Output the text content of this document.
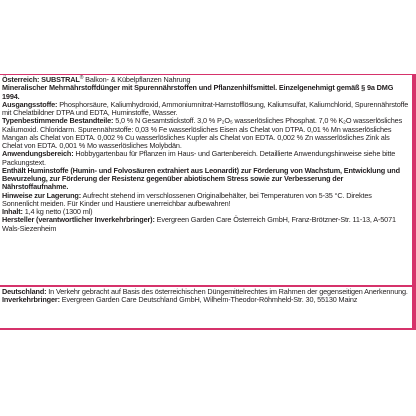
Österreich: SUBSTRAL® Balkon- & Kübelpflanzen Nahrung

Mineralischer Mehrnährstoffdünger mit Spurennährstoffen und Pflanzenhilfsmittel. Einzelgenehmigt gemäß § 9a DMG 1994.

Ausgangsstoffe: Phosphorsäure, Kaliumhydroxid, Ammoniumnitrat-Harnstofflösung, Kaliumsulfat, Kaliumchlorid, Spurennährstoffe mit Chelatbildner DTPA und EDTA, Huminstoffe, Wasser.

Typenbestimmende Bestandteile: 5,0 % N Gesamtstickstoff. 3,0 % P₂O₅ wasserlösliches Phosphat. 7,0 % K₂O wasserlösliches Kaliumoxid. Chloridarm. Spurennährstoffe: 0,03 % Fe wasserlösliches Eisen als Chelat von DTPA. 0,01 % Mn wasserlösliches Mangan als Chelat von EDTA. 0,002 % Cu wasserlösliches Kupfer als Chelat von EDTA. 0,002 % Zn wasserlösliches Zink als Chelat von EDTA. 0,001 % Mo wasserlösliches Molybdän.

Anwendungsbereich: Hobbygartenbau für Pflanzen im Haus- und Gartenbereich. Detaillierte Anwendungshinweise siehe bitte Packungstext.

Enthält Huminstoffe (Humin- und Folvosäuren extrahiert aus Leonardit) zur Förderung von Wachstum, Entwicklung und Bewurzelung, zur Förderung der Resistenz gegenüber abiotischem Stress sowie zur Verbesserung der Nährstoffaufnahme.

Hinweise zur Lagerung: Aufrecht stehend im verschlossenen Originalbehälter, bei Temperaturen von 5-35 °C. Direktes Sonnenlicht meiden. Für Kinder und Haustiere unerreichbar aufbewahren!

Inhalt: 1,4 kg netto (1300 ml)

Hersteller (verantwortlicher Inverkehrbringer): Evergreen Garden Care Österreich GmbH, Franz-Brötzner-Str. 11-13, A-5071 Wals-Siezenheim

Deutschland: In Verkehr gebracht auf Basis des österreichischen Düngemittelrechtes im Rahmen der gegenseitigen Anerkennung.

Inverkehrbringer: Evergreen Garden Care Deutschland GmbH, Wilhelm-Theodor-Röhmheld-Str. 30, 55130 Mainz
